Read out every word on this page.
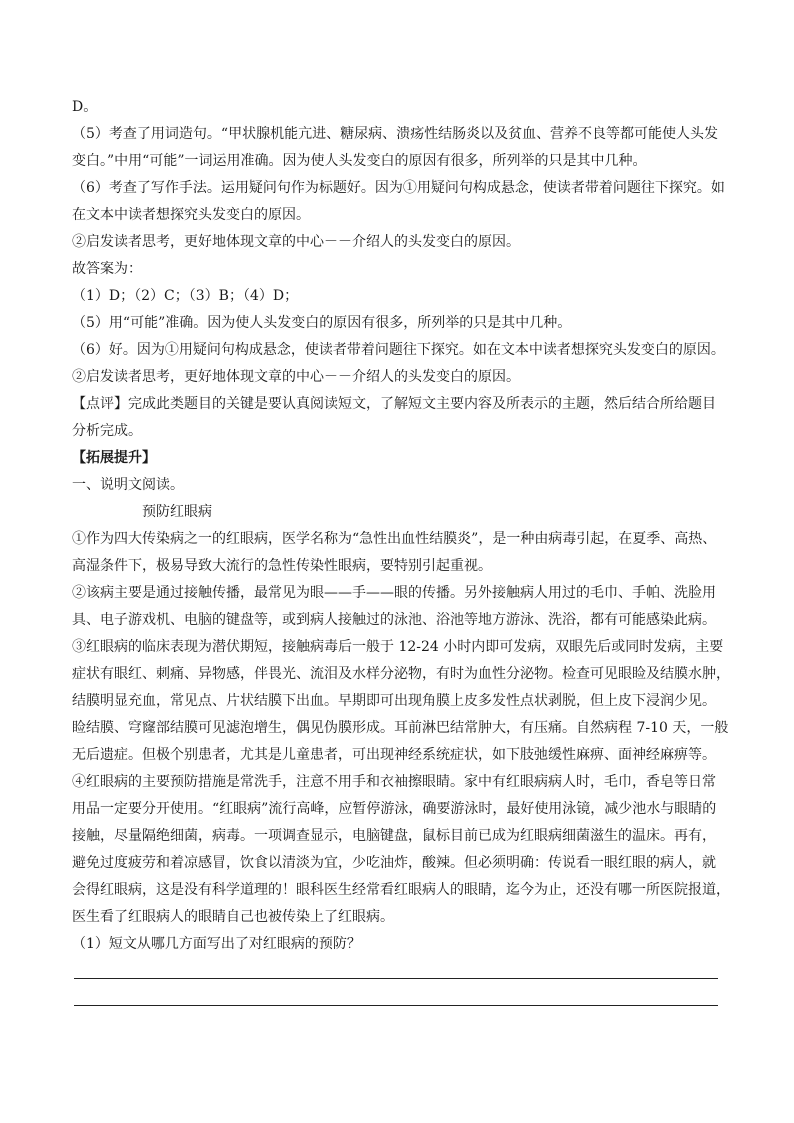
D。

（5）考查了用词造句。“甲状腺机能亢进、糖尿病、溃疡性结肠炎以及贫血、营养不良等都可能使人头发

变白。”中用“可能”一词运用准确。因为使人头发变白的原因有很多，所列举的只是其中几种。

（6）考查了写作手法。运用疑问句作为标题好。因为①用疑问句构成悬念，使读者带着问题往下探究。如

在文本中读者想探究头发变白的原因。

②启发读者思考，更好地体现文章的中心－－介绍人的头发变白的原因。

故答案为：

（1）D；（2）C；（3）B；（4）D；

（5）用“可能”准确。因为使人头发变白的原因有很多，所列举的只是其中几种。

（6）好。因为①用疑问句构成悬念，使读者带着问题往下探究。如在文本中读者想探究头发变白的原因。

②启发读者思考，更好地体现文章的中心－－介绍人的头发变白的原因。

【点评】完成此类题目的关键是要认真阅读短文，了解短文主要内容及所表示的主题，然后结合所给题目

分析完成。

【拓展提升】

一、说明文阅读。

预防红眼病

①作为四大传染病之一的红眼病，医学名称为“急性出血性结膜炎”，是一种由病毒引起，在夏季、高热、

高湿条件下，极易导致大流行的急性传染性眼病，要特别引起重视。

②该病主要是通过接触传播，最常见为眼——手——眼的传播。另外接触病人用过的毛巾、手帕、洗脸用

具、电子游戏机、电脑的键盘等，或到病人接触过的泳池、浴池等地方游泳、洗浴，都有可能感染此病。

③红眼病的临床表现为潜伏期短，接触病毒后一般于 12-24 小时内即可发病，双眼先后或同时发病，主要

症状有眼红、刺痛、异物感，伴畏光、流泪及水样分泌物，有时为血性分泌物。检查可见眼睑及结膜水肿，

结膜明显充血，常见点、片状结膜下出血。早期即可出现角膜上皮多发性点状剥脱，但上皮下浸润少见。

睑结膜、穹窿部结膜可见滤泡增生，偶见伪膜形成。耳前淋巴结常肿大，有压痛。自然病程 7-10 天，一般

无后遗症。但极个别患者，尤其是儿童患者，可出现神经系统症状，如下肢弛缓性麻痹、面神经麻痹等。

④红眼病的主要预防措施是常洗手，注意不用手和衣袖擦眼睛。家中有红眼病病人时，毛巾，香皂等日常

用品一定要分开使用。“红眼病”流行高峰，应暂停游泳，确要游泳时，最好使用泳镜，减少池水与眼睛的

接触，尽量隔绝细菌，病毒。一项调查显示，电脑键盘，鼠标目前已成为红眼病细菌滋生的温床。再有，

避免过度疲劳和着凉感冒，饮食以清淡为宜，少吃油炸，酸辣。但必须明确：传说看一眼红眼的病人，就

会得红眼病，这是没有科学道理的！眼科医生经常看红眼病人的眼睛，迄今为止，还没有哪一所医院报道，

医生看了红眼病人的眼睛自己也被传染上了红眼病。

（1）短文从哪几方面写出了对红眼病的预防？
